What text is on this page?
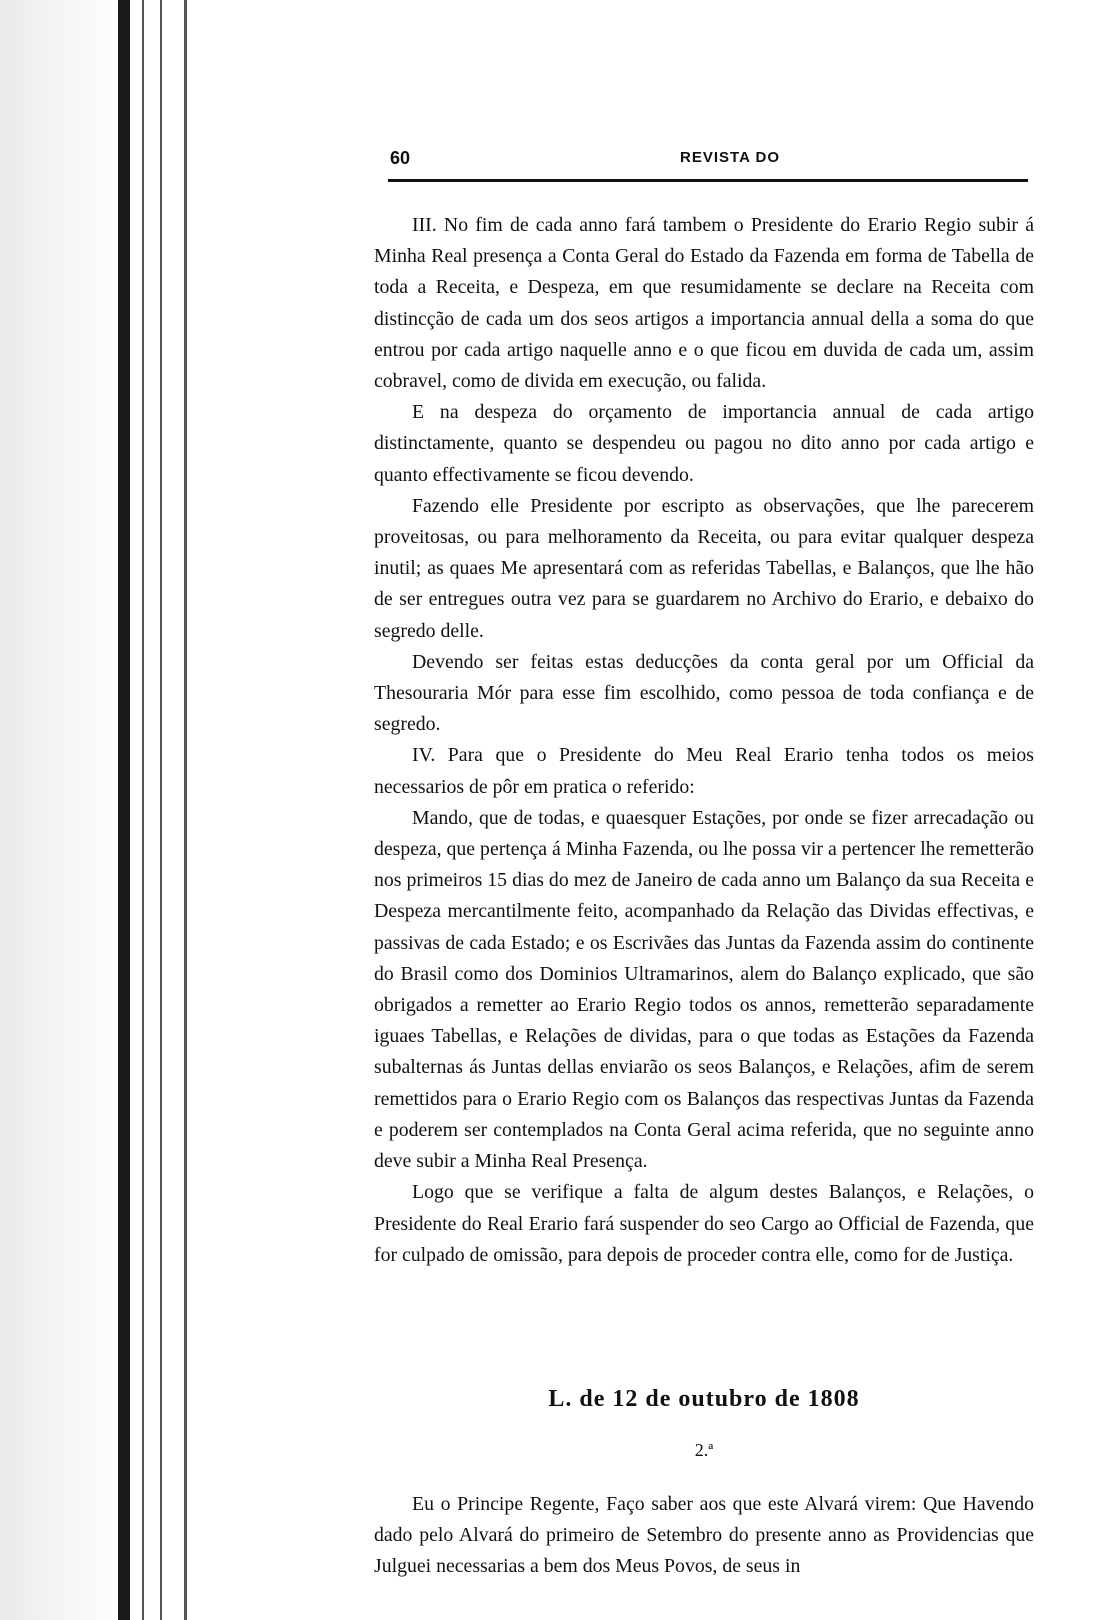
60	REVISTA DO

III. No fim de cada anno fará tambem o Presidente do Erario Regio subir á Minha Real presença a Conta Geral do Estado da Fazenda em forma de Tabella de toda a Receita, e Despeza, em que resumidamente se declare na Receita com distincção de cada um dos seos artigos a importancia annual della a soma do que entrou por cada artigo naquelle anno e o que ficou em duvida de cada um, assim cobravel, como de divida em execução, ou falida.

E na despeza do orçamento de importancia annual de cada artigo distinctamente, quanto se despendeu ou pagou no dito anno por cada artigo e quanto effectivamente se ficou devendo.

Fazendo elle Presidente por escripto as observações, que lhe parecerem proveitosas, ou para melhoramento da Receita, ou para evitar qualquer despeza inutil; as quaes Me apresentará com as referidas Tabellas, e Balanços, que lhe hão de ser entregues outra vez para se guardarem no Archivo do Erario, e debaixo do segredo delle.

Devendo ser feitas estas deducções da conta geral por um Official da Thesouraria Mór para esse fim escolhido, como pessoa de toda confiança e de segredo.

IV. Para que o Presidente do Meu Real Erario tenha todos os meios necessarios de pôr em pratica o referido:

Mando, que de todas, e quaesquer Estações, por onde se fizer arrecadação ou despeza, que pertença á Minha Fazenda, ou lhe possa vir a pertencer lhe remetterão nos primeiros 15 dias do mez de Janeiro de cada anno um Balanço da sua Receita e Despeza mercantilmente feito, acompanhado da Relação das Dividas effectivas, e passivas de cada Estado; e os Escrivães das Juntas da Fazenda assim do continente do Brasil como dos Dominios Ultramarinos, alem do Balanço explicado, que são obrigados a remetter ao Erario Regio todos os annos, remetterão separadamente iguaes Tabellas, e Relações de dividas, para o que todas as Estações da Fazenda subalternas ás Juntas dellas enviarão os seos Balanços, e Relações, afim de serem remettidos para o Erario Regio com os Balanços das respectivas Juntas da Fazenda e poderem ser contemplados na Conta Geral acima referida, que no seguinte anno deve subir a Minha Real Presença.

Logo que se verifique a falta de algum destes Balanços, e Relações, o Presidente do Real Erario fará suspender do seo Cargo ao Official de Fazenda, que for culpado de omissão, para depois de proceder contra elle, como for de Justiça.

L. de 12 de outubro de 1808
2.ª

Eu o Principe Regente, Faço saber aos que este Alvará virem: Que Havendo dado pelo Alvará do primeiro de Setembro do presente anno as Providencias que Julguei necessarias a bem dos Meus Povos, de seus in
